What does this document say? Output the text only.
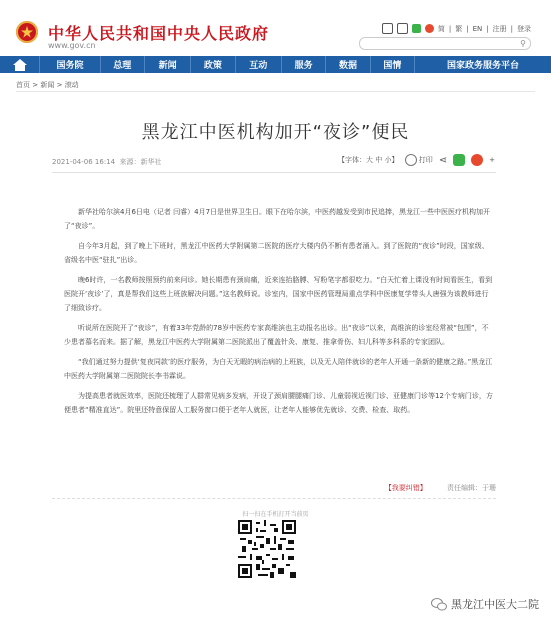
中华人民共和国中央人民政府
www.gov.cn
简 | 繁 | EN | 注册 | 登录
⚲
国务院	总理	新闻	政策	互动	服务	数据	国情	国家政务服务平台
首页 > 新闻 > 滚动
黑龙江中医机构加开“夜诊”便民
2021-04-06 16:14 来源：新华社	【字体：大 中 小】	打印 ⋖	+

新华社哈尔滨4月6日电（记者 闫睿）4月7日是世界卫生日。眼下在哈尔滨，中医药越发受到市民追捧，黑龙江一些中医医疗机构加开了“夜诊”。

自今年3月起，到了晚上下班时，黑龙江中医药大学附属第二医院的医疗大楼内仍不断有患者涌入。到了医院的“夜诊”时段，国家级、省级名中医“驻扎”出诊。

晚6时许，一名教师按照预约前来问诊。她长期患有颈肩痛，近来连抬胳膊、写粉笔字都很吃力。“白天忙着上课没有时间看医生，看到医院开‘夜诊’了，真是帮我们这些上班族解决问题。”这名教师说。诊室内，国家中医药管理局重点学科中医康复学带头人唐强为该教师进行了细致诊疗。

听说所在医院开了“夜诊”，有着33年党龄的78岁中医药专家高维滨也主动报名出诊。出“夜诊”以来，高维滨的诊室经常被“包围”，不少患者慕名而来。据了解，黑龙江中医药大学附属第二医院派出了覆盖针灸、康复、推拿骨伤、妇儿科等多科系的专家团队。

“我们通过努力提供‘复夜同款’的医疗服务，为白天无暇的病治病的上班族，以及无人陪伴就诊的老年人开通一条新的健康之路。”黑龙江中医药大学附属第二医院院长李书霖说。

为提高患者就医效率，医院还梳理了人群常见病多发病，开设了颈肩腰腿痛门诊、儿童弱视近视门诊、亚健康门诊等12个专病门诊，方便患者“精准直达”。院里还特意保留人工服务窗口便于老年人就医，让老年人能够优先就诊、交费、检查、取药。

【我要纠错】	责任编辑：于珊
扫一扫在手机打开当前页
黑龙江中医大二院
